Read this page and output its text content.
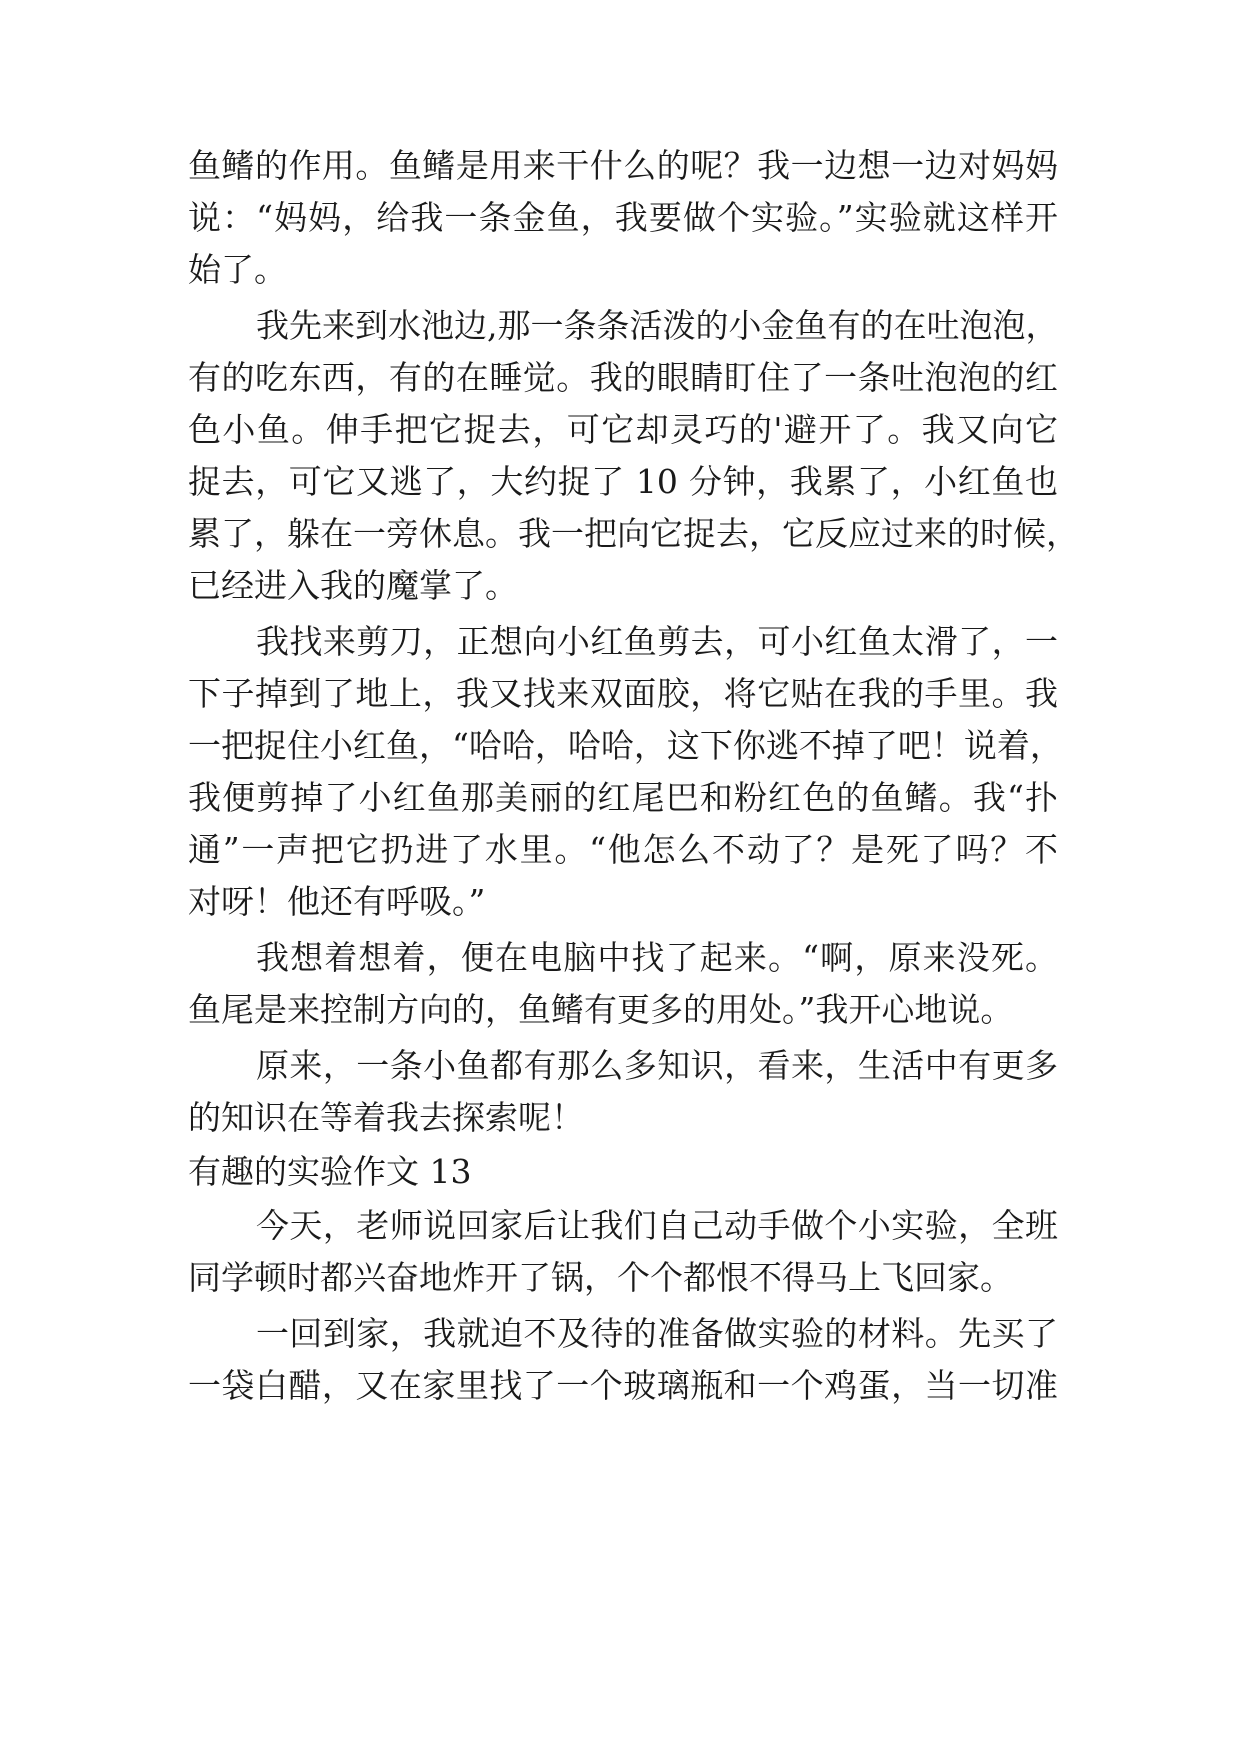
鱼鳍的作用。鱼鳍是用来干什么的呢？我一边想一边对妈妈
说：“妈妈，给我一条金鱼，我要做个实验。”实验就这样开
始了。
我先来到水池边,那一条条活泼的小金鱼有的在吐泡泡，
有的吃东西，有的在睡觉。我的眼睛盯住了一条吐泡泡的红
色小鱼。伸手把它捉去，可它却灵巧的'避开了。我又向它
捉去，可它又逃了，大约捉了 10 分钟，我累了，小红鱼也
累了，躲在一旁休息。我一把向它捉去，它反应过来的时候，
已经进入我的魔掌了。
我找来剪刀，正想向小红鱼剪去，可小红鱼太滑了，一
下子掉到了地上，我又找来双面胶，将它贴在我的手里。我
一把捉住小红鱼，“哈哈，哈哈，这下你逃不掉了吧！说着，
我便剪掉了小红鱼那美丽的红尾巴和粉红色的鱼鳍。我“扑
通”一声把它扔进了水里。“他怎么不动了？是死了吗？不
对呀！他还有呼吸。”
我想着想着，便在电脑中找了起来。“啊，原来没死。
鱼尾是来控制方向的，鱼鳍有更多的用处。”我开心地说。
原来，一条小鱼都有那么多知识，看来，生活中有更多
的知识在等着我去探索呢！
有趣的实验作文 13
今天，老师说回家后让我们自己动手做个小实验，全班
同学顿时都兴奋地炸开了锅，个个都恨不得马上飞回家。
一回到家，我就迫不及待的准备做实验的材料。先买了
一袋白醋，又在家里找了一个玻璃瓶和一个鸡蛋，当一切准
